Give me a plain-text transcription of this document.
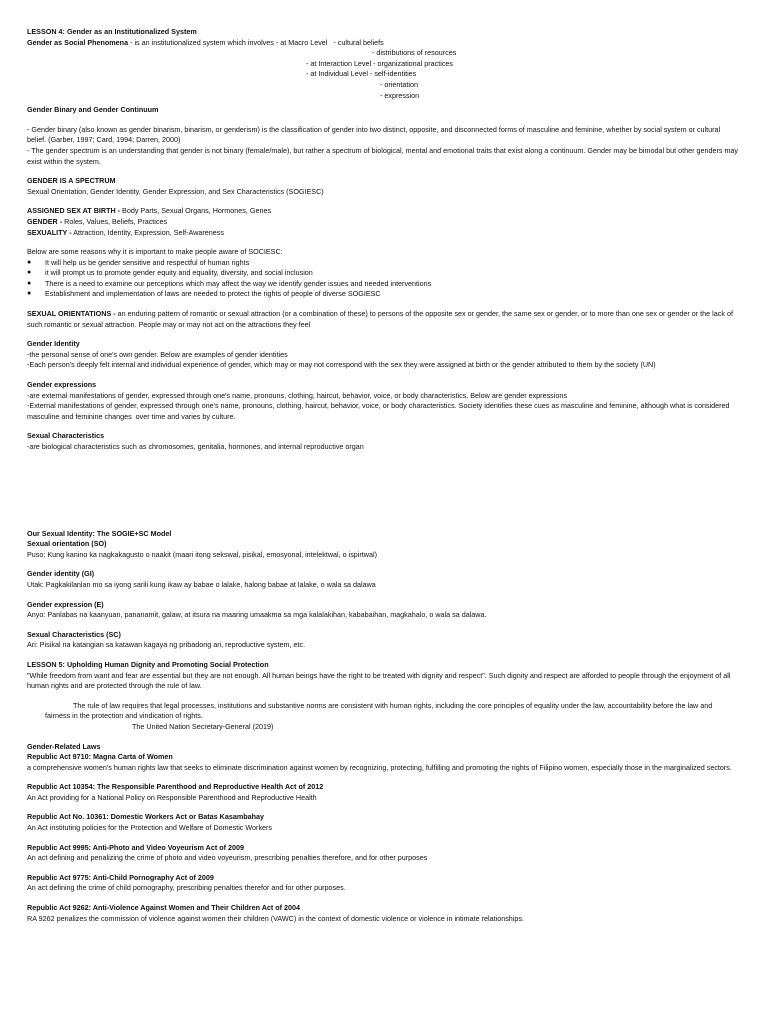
LESSON 4: Gender as an Institutionalized System

Gender as Social Phenomena - is an institutionalized system which involves - at Macro Level   - cultural beliefs

- distributions of resources
- at Interaction Level - organizational practices
- at Individual Level - self-identities
- orientation
- expression

Gender Binary and Gender Continuum

- Gender binary (also known as gender binarism, binarism, or genderism) is the classification of gender into two distinct, opposite, and disconnected forms of masculine and feminine, whether by social system or cultural belief. (Garber, 1997; Card, 1994; Darren, 2000)

- The gender spectrum is an understanding that gender is not binary (female/male), but rather a spectrum of biological, mental and emotional traits that exist along a continuum. Gender may be bimodal but other genders may exist within the system.

GENDER IS A SPECTRUM

Sexual Orientation, Gender Identity, Gender Expression, and Sex Characteristics (SOGIESC)

ASSIGNED SEX AT BIRTH - Body Parts, Sexual Organs, Hormones, Genes

GENDER - Roles, Values, Beliefs, Practices

SEXUALITY - Attraction, Identity, Expression, Self-Awareness

Below are some reasons why it is important to make people aware of SOCIESC:

● It will help us be gender sensitive and respectful of human rights
● it will prompt us to promote gender equity and equality, diversity, and social inclusion
● There is a need to examine our perceptions which may affect the way we identify gender issues and needed interventions
● Establishment and implementation of laws are needed to protect the rights of people of diverse SOGIESC

SEXUAL ORIENTATIONS - an enduring pattern of romantic or sexual attraction (or a combination of these) to persons of the opposite sex or gender, the same sex or gender, or to more than one sex or gender or the lack of such romantic or sexual attraction. People may or may not act on the attractions they feel

Gender Identity

-the personal sense of one's own gender. Below are examples of gender identities

-Each person's deeply felt internal and individual experience of gender, which may or may not correspond with the sex they were assigned at birth or the gender attributed to them by the society (UN)

Gender expressions

-are external manifestations of gender, expressed through one's name, pronouns, clothing, haircut, behavior, voice, or body characteristics. Below are gender expressions

-External manifestations of gender, expressed through one's name, pronouns, clothing, haircut, behavior, voice, or body characteristics. Society identifies these cues as masculine and feminine, although what is considered masculine and feminine changes  over time and varies by culture.

Sexual Characteristics

-are biological characteristics such as chromosomes, genitalia, hormones, and internal reproductive organ

Our Sexual Identity: The SOGIE+SC Model

Sexual orientation (SO)

Puso: Kung kanino ka nagkakagusto o naakit (maari itong sekswal, pisikal, emosyonal, intelektwal, o ispirtwal)

Gender identity (GI)

Utak: Pagkakilanlan mo sa iyong sarili kung ikaw ay babae o lalake, halong babae at lalake, o wala sa dalawa

Gender expression (E)

Anyo: Panlabas na kaanyuan, pananamit, galaw, at itsura na maaring umaakma sa mga kalalakihan, kababaihan, magkahalo, o wala sa dalawa.

Sexual Characteristics (SC)

Ari: Pisikal na katangian sa katawan kagaya ng pribadong ari, reproductive system, etc.

LESSON 5: Upholding Human Dignity and Promoting Social Protection

"While freedom from want and fear are essential but they are not enough. All human beings have the right to be treated with dignity and respect". Such dignity and respect are afforded to people through the enjoyment of all human rights and are protected through the rule of law.

The rule of law requires that legal processes, institutions and substantive norms are consistent with human rights, including the core principles of equality under the law, accountability before the law and fairness in the protection and vindication of rights.

The United Nation Secretary-General (2019)

Gender-Related Laws

Republic Act 9710: Magna Carta of Women

a comprehensive women's human rights law that seeks to eliminate discrimination against women by recognizing, protecting, fulfilling and promoting the rights of Filipino women, especially those in the marginalized sectors.

Republic Act 10354: The Responsible Parenthood and Reproductive Health Act of 2012

An Act providing for a National Policy on Responsible Parenthood and Reproductive Health

Republic Act No. 10361: Domestic Workers Act or Batas Kasambahay

An Act instituting policies for the Protection and Welfare of Domestic Workers

Republic Act 9995: Anti-Photo and Video Voyeurism Act of 2009

An act defining and penalizing the crime of photo and video voyeurism, prescribing penalties therefore, and for other purposes

Republic Act 9775: Anti-Child Pornography Act of 2009

An act defining the crime of child pornography, prescribing penalties therefor and for other purposes.

Republic Act 9262: Anti-Violence Against Women and Their Children Act of 2004

RA 9262 penalizes the commission of violence against women their children (VAWC) in the context of domestic violence or violence in intimate relationships.
